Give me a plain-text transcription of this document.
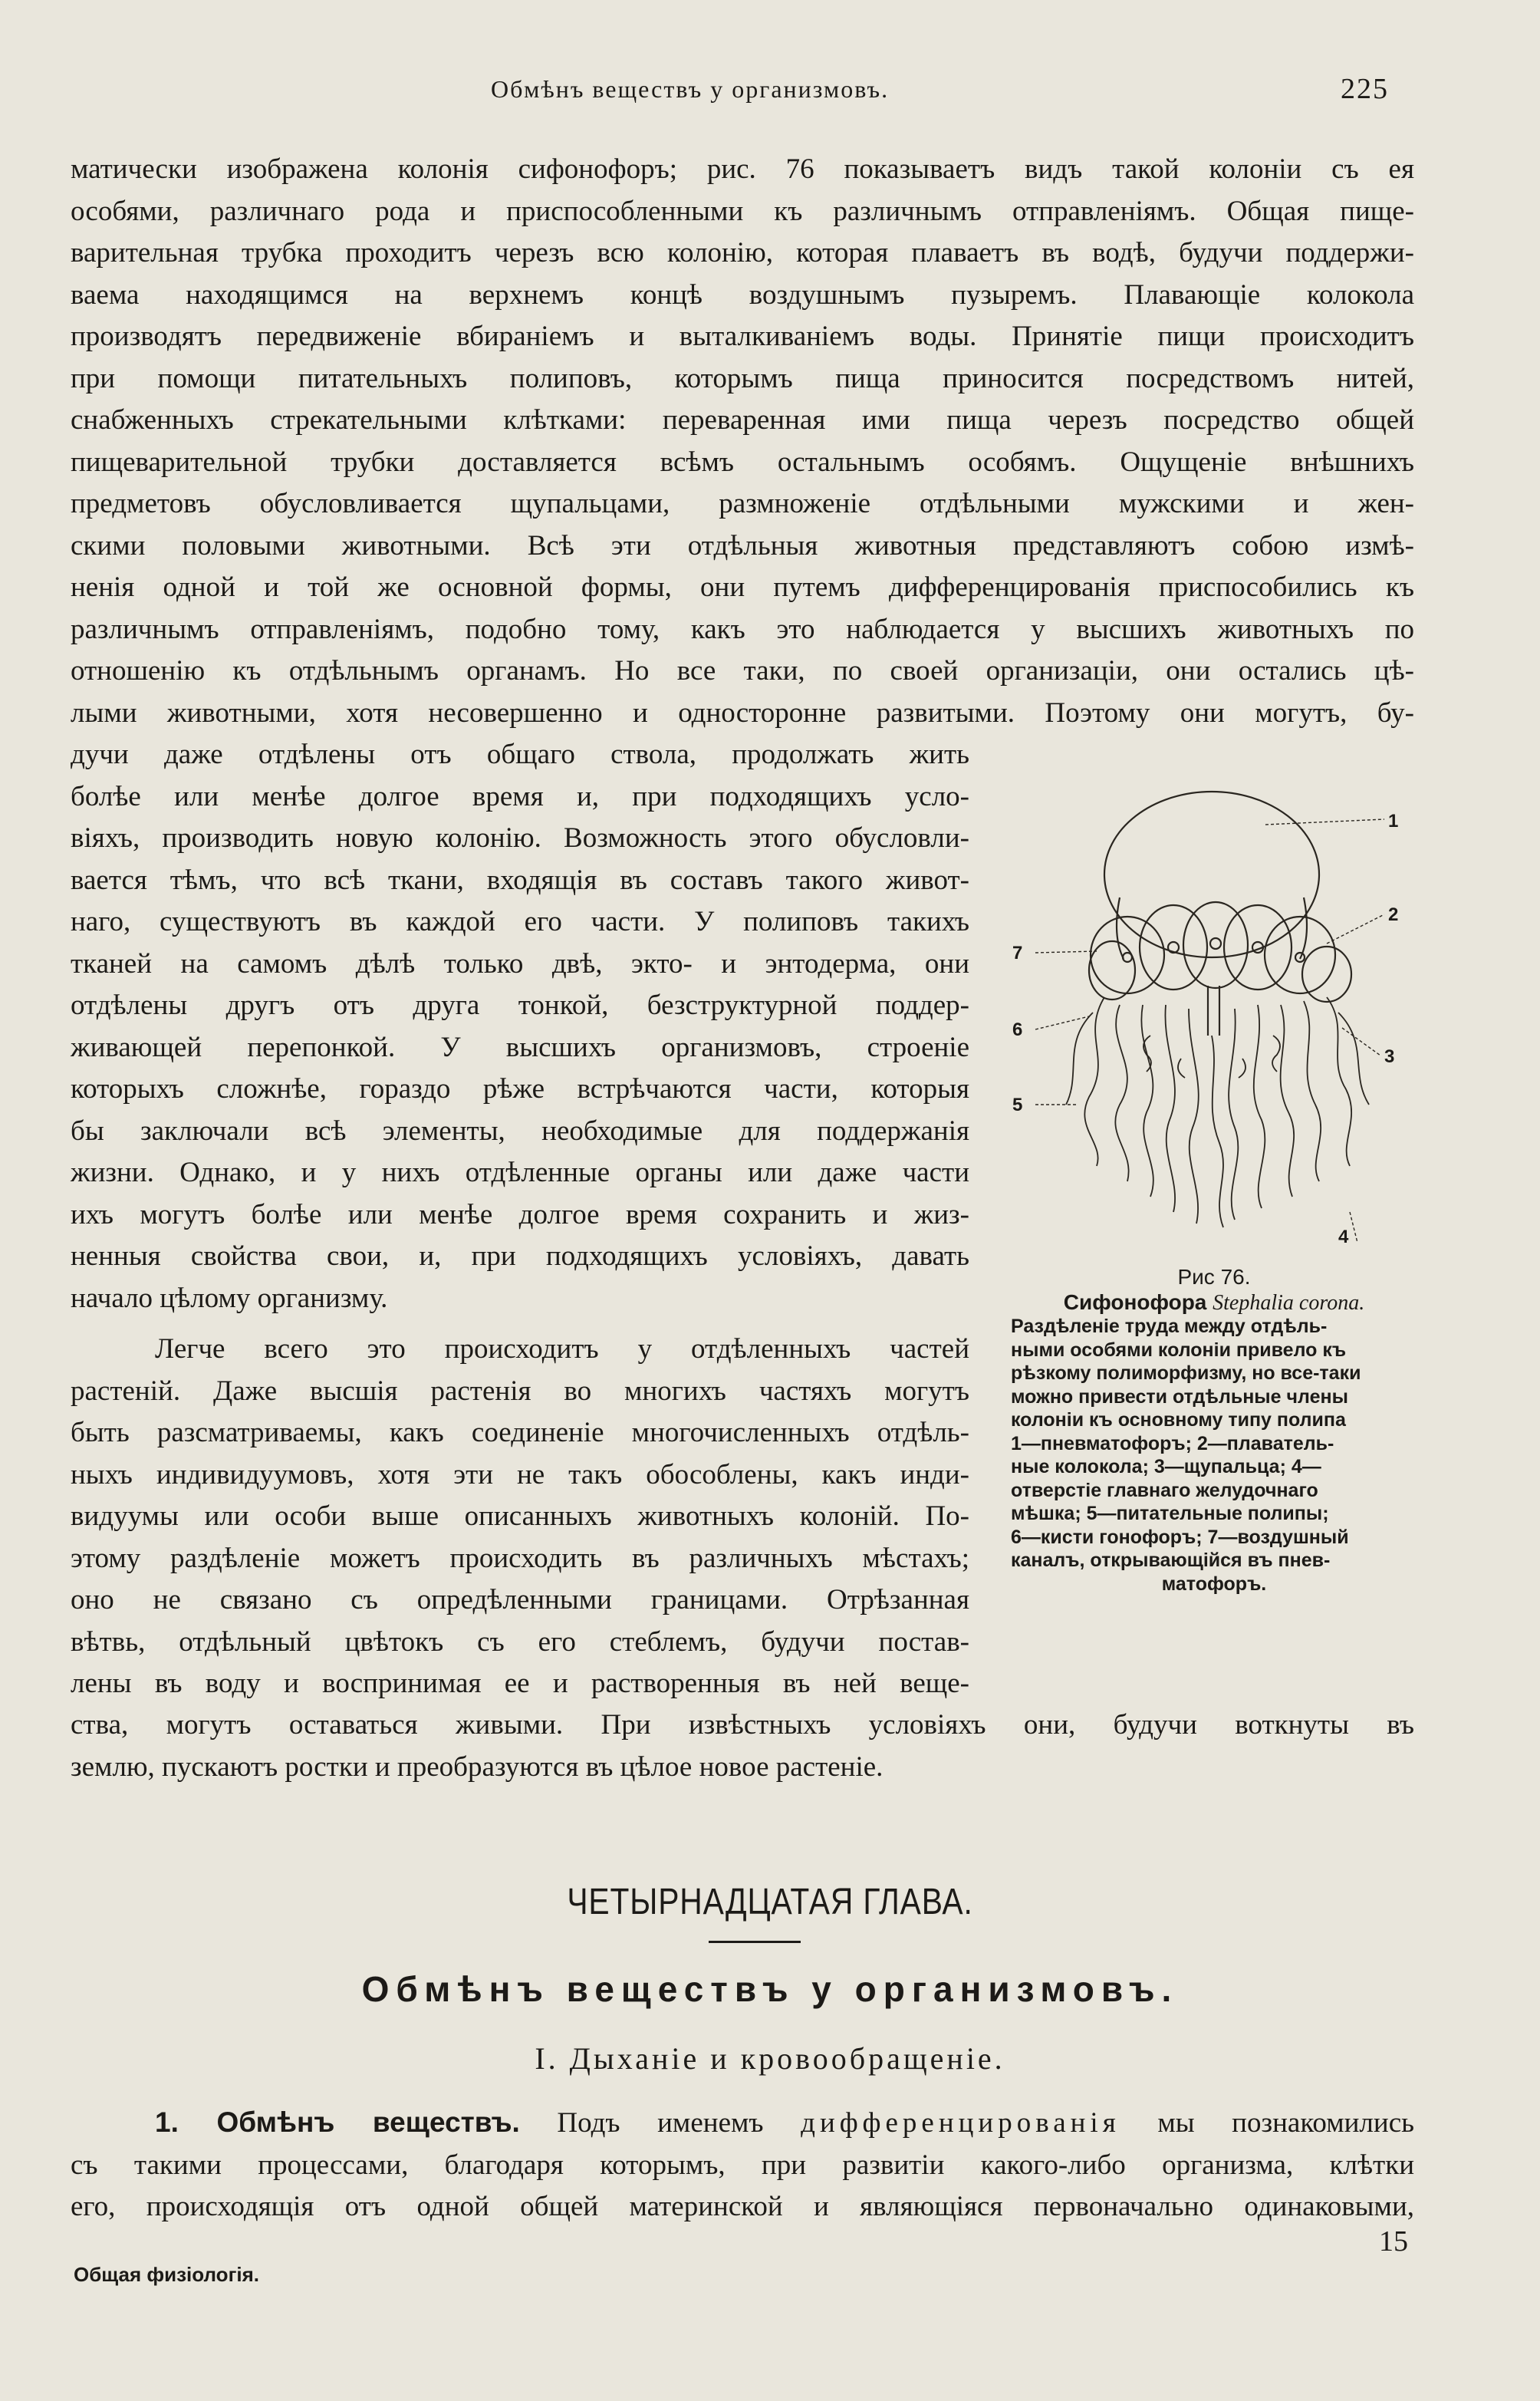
Обмѣнъ веществъ у организмовъ.	225

матически изображена колонія сифонофоръ; рис. 76 показываетъ видъ такой колоніи съ ея

особями, различнаго рода и приспособленными къ различнымъ отправленіямъ. Общая пище-

варительная трубка проходитъ черезъ всю колонію, которая плаваетъ въ водѣ, будучи поддержи-

ваема находящимся на верхнемъ концѣ воздушнымъ пузыремъ. Плавающіе колокола

производятъ передвиженіе вбираніемъ и выталкиваніемъ воды. Принятіе пищи происходитъ

при помощи питательныхъ полиповъ, которымъ пища приносится посредствомъ нитей,

снабженныхъ стрекательными клѣтками: переваренная ими пища черезъ посредство общей

пищеварительной трубки доставляется всѣмъ остальнымъ особямъ. Ощущеніе внѣшнихъ

предметовъ обусловливается щупальцами, размноженіе отдѣльными мужскими и жен-

скими половыми животными. Всѣ эти отдѣльныя животныя представляютъ собою измѣ-

ненія одной и той же основной формы, они путемъ дифференцированія приспособились къ

различнымъ отправленіямъ, подобно тому, какъ это наблюдается у высшихъ животныхъ по

отношенію къ отдѣльнымъ органамъ. Но все таки, по своей организаціи, они остались цѣ-

лыми животными, хотя несовершенно и односторонне развитыми. Поэтому они могутъ, бу-

дучи даже отдѣлены отъ общаго ствола, продолжать жить

болѣе или менѣе долгое время и, при подходящихъ усло-

віяхъ, производить новую колонію. Возможность этого обусловли-

вается тѣмъ, что всѣ ткани, входящія въ составъ такого живот-

наго, существуютъ въ каждой его части. У полиповъ такихъ

тканей на самомъ дѣлѣ только двѣ, экто- и энтодерма, они

отдѣлены другъ отъ друга тонкой, безструктурной поддер-

живающей перепонкой. У высшихъ организмовъ, строеніе

которыхъ сложнѣе, гораздо рѣже встрѣчаются части, которыя

бы заключали всѣ элементы, необходимые для поддержанія

жизни. Однако, и у нихъ отдѣленные органы или даже части

ихъ могутъ болѣе или менѣе долгое время сохранить и жиз-

ненныя свойства свои, и, при подходящихъ условіяхъ, давать

начало цѣлому организму.

Легче всего это происходитъ у отдѣленныхъ частей

растеній. Даже высшія растенія во многихъ частяхъ могутъ

быть разсматриваемы, какъ соединеніе многочисленныхъ отдѣль-

ныхъ индивидуумовъ, хотя эти не такъ обособлены, какъ инди-

видуумы или особи выше описанныхъ животныхъ колоній. По-

этому раздѣленіе можетъ происходить въ различныхъ мѣстахъ;

оно не связано съ опредѣленными границами. Отрѣзанная

вѣтвь, отдѣльный цвѣтокъ съ его стеблемъ, будучи постав-

лены въ воду и воспринимая ее и растворенныя въ ней веще-

ства, могутъ оставаться живыми. При извѣстныхъ условіяхъ они, будучи воткнуты въ

землю, пускаютъ ростки и преобразуются въ цѣлое новое растеніе.

1
2
3
4
5
6
7
Рис 76.
Сифонофора Stephalia corona.
Раздѣленіе труда между отдѣль-
ными особями колоніи привело къ
рѣзкому полиморфизму, но все-таки
можно привести отдѣльные члены
колоніи къ основному типу полипа
1—пневматофоръ; 2—плаватель-
ные колокола; 3—щупальца; 4—
отверстіе главнаго желудочнаго
мѣшка; 5—питательные полипы;
6—кисти гонофоръ; 7—воздушный
каналъ, открывающійся въ пнев-
матофоръ.
ЧЕТЫРНАДЦАТАЯ ГЛАВА.
Обмѣнъ веществъ у организмовъ.
I. Дыханіе и кровообращеніе.

1. Обмѣнъ веществъ. Подъ именемъ дифференцированія мы познакомились

съ такими процессами, благодаря которымъ, при развитіи какого-либо организма, клѣтки

его, происходящія отъ одной общей материнской и являющіяся первоначально одинаковыми,

Общая физіологія.
15
